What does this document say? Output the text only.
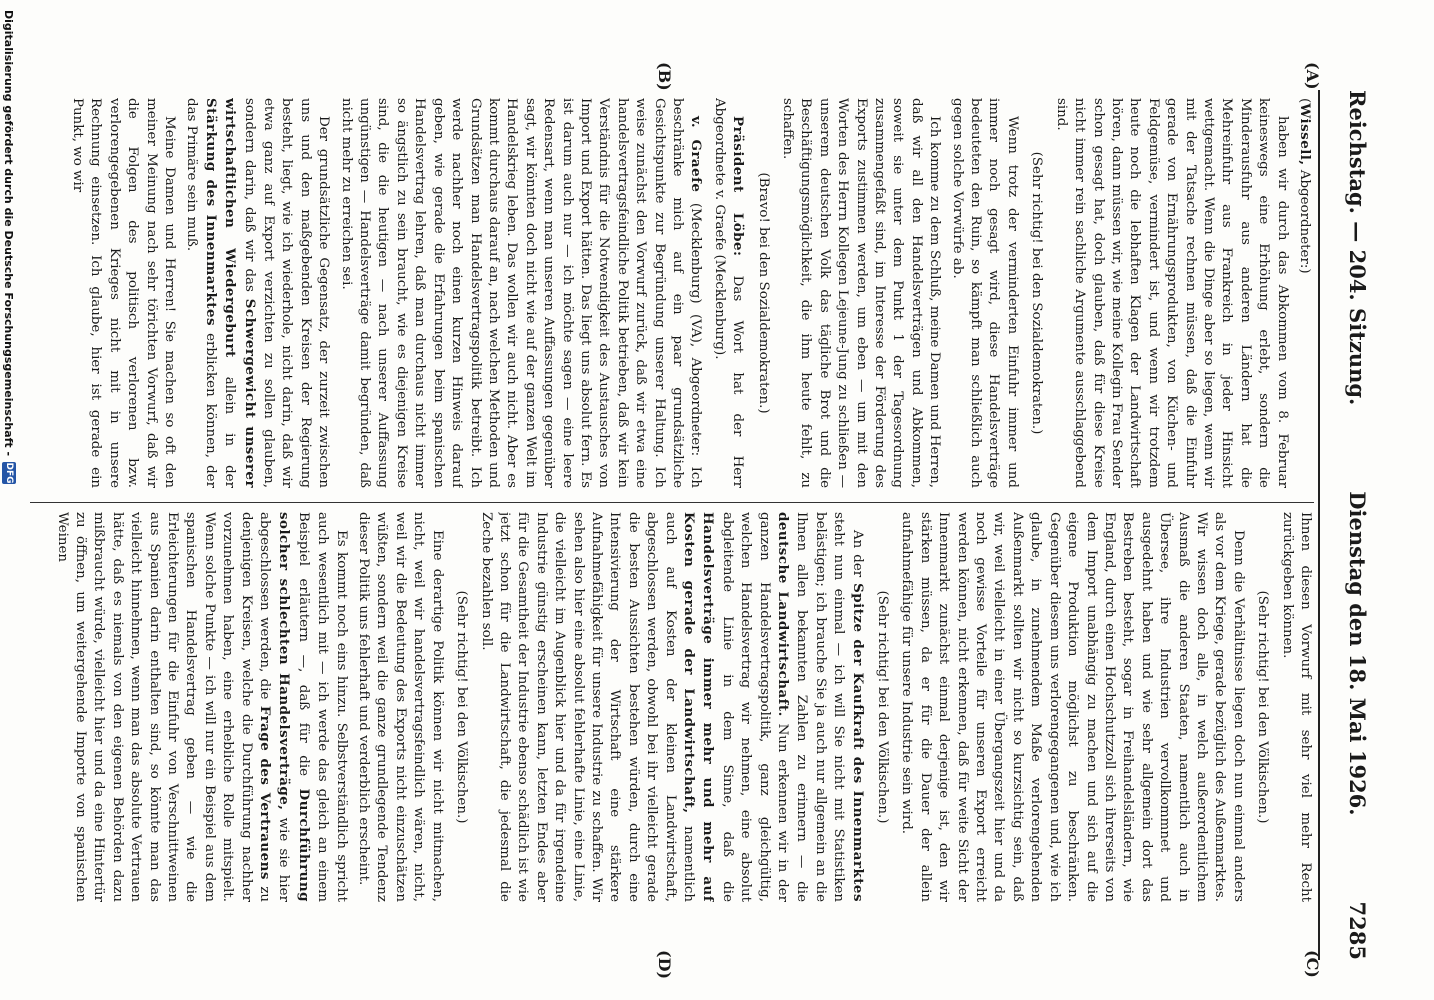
Reichstag. — 204. Sitzung.
Dienstag den 18. Mai 1926.
7285
(A)
(B)
(C)
(D)

(Wissell, Abgeordneter:)

haben wir durch das Abkommen vom 8. Februar keineswegs eine Erhöhung erlebt, sondern die Minderausfuhr aus anderen Ländern hat die Mehreinfuhr aus Frankreich in jeder Hinsicht wettgemacht. Wenn die Dinge aber so liegen, wenn wir mit der Tatsache rechnen müssen, daß die Einfuhr gerade von Ernährungsprodukten, von Küchen- und Feldgemüse, vermindert ist, und wenn wir trotzdem heute noch die lebhaften Klagen der Landwirtschaft hören, dann müssen wir, wie meine Kollegin Frau Sender schon gesagt hat, doch glauben, daß für diese Kreise nicht immer rein sachliche Argumente ausschlaggebend sind.

(Sehr richtig! bei den Sozialdemokraten.)

Wenn trotz der verminderten Einfuhr immer und immer noch gesagt wird, diese Handelsverträge bedeuteten den Ruin, so kämpft man schließlich auch gegen solche Vorwürfe ab.

Ich komme zu dem Schluß, meine Damen und Herren, daß wir all den Handelsverträgen und Abkommen, soweit sie unter dem Punkt 1 der Tagesordnung zusammengefaßt sind, im Interesse der Förderung des Exports zustimmen werden, um eben — um mit den Worten des Herrn Kollegen Lejeune-Jung zu schließen — unserem deutschen Volk das tägliche Brot und die Beschäftigungsmöglichkeit, die ihm heute fehlt, zu schaffen.

(Bravo! bei den Sozialdemokraten.)

Präsident Löbe: Das Wort hat der Herr Abgeordnete v. Graefe (Mecklenburg).

v. Graefe (Mecklenburg) (VA), Abgeordneter: Ich beschränke mich auf ein paar grundsätzliche Gesichtspunkte zur Begründung unserer Haltung. Ich weise zunächst den Vorwurf zurück, daß wir etwa eine handelsvertragsfeindliche Politik betrieben, daß wir kein Verständnis für die Notwendigkeit des Austausches von Import und Export hätten. Das liegt uns absolut fern. Es ist darum auch nur — ich möchte sagen — eine leere Redensart, wenn man unseren Auffassungen gegenüber sagt, wir könnten doch nicht wie auf der ganzen Welt im Handelskrieg leben. Das wollen wir auch nicht. Aber es kommt durchaus darauf an, nach welchen Methoden und Grundsätzen man Handelsvertragspolitik betreibt. Ich werde nachher noch einen kurzen Hinweis darauf geben, wie gerade die Erfahrungen beim spanischen Handelsvertrag lehren, daß man durchaus nicht immer so ängstlich zu sein braucht, wie es diejenigen Kreise sind, die die heutigen — nach unserer Auffassung ungünstigen — Handelsverträge damit begründen, daß nicht mehr zu erreichen sei.

Der grundsätzliche Gegensatz, der zurzeit zwischen uns und den maßgebenden Kreisen der Regierung besteht, liegt, wie ich wiederhole, nicht darin, daß wir etwa ganz auf Export verzichten zu sollen glauben, sondern darin, daß wir das Schwergewicht unserer wirtschaftlichen Wiedergeburt allein in der Stärkung des Innenmarktes erblicken können, der das Primäre sein muß.

Meine Damen und Herren! Sie machen so oft den meiner Meinung nach sehr törichten Vorwurf, daß wir die Folgen des politisch verlorenen bzw. verlorengegebenen Krieges nicht mit in unsere Rechnung einsetzen. Ich glaube, hier ist gerade ein Punkt, wo wir

Ihnen diesen Vorwurf mit sehr viel mehr Recht zurückgeben können.

(Sehr richtig! bei den Völkischen.)

Denn die Verhältnisse liegen doch nun einmal anders als vor dem Kriege, gerade bezüglich des Außenmarktes. Wir wissen doch alle, in welch außerordentlichem Ausmaß die anderen Staaten, namentlich auch in Übersee, ihre Industrien vervollkommnet und ausgedehnt haben und wie sehr allgemein dort das Bestreben besteht, sogar in Freihandelsländern, wie England, durch einen Hochschutzzoll sich ihrerseits von dem Import unabhängig zu machen und sich auf die eigene Produktion möglichst zu beschränken. Gegenüber diesem uns verlorengegangenen und, wie ich glaube, in zunehmendem Maße verlorengehenden Außenmarkt sollten wir nicht so kurzsichtig sein, daß wir, weil vielleicht in einer Übergangszeit hier und da noch gewisse Vorteile für unseren Export erreicht werden können, nicht erkennen, daß für weite Sicht der Innenmarkt zunächst einmal derjenige ist, den wir stärken müssen, da er für die Dauer der allein aufnahmefähige für unsere Industrie sein wird.

(Sehr richtig! bei den Völkischen.)

An der Spitze der Kaufkraft des Innenmarktes steht nun einmal — ich will Sie nicht mit Statistiken belästigen; ich brauche Sie ja auch nur allgemein an die Ihnen allen bekannten Zahlen zu erinnern — die deutsche Landwirtschaft. Nun erkennen wir in der ganzen Handelsvertragspolitik, ganz gleichgültig, welchen Handelsvertrag wir nehmen, eine absolut abgleitende Linie in dem Sinne, daß die Handelsverträge immer mehr und mehr auf Kosten gerade der Landwirtschaft, namentlich auch auf Kosten der kleinen Landwirtschaft, abgeschlossen werden, obwohl bei ihr vielleicht gerade die besten Aussichten bestehen würden, durch eine Intensivierung der Wirtschaft eine stärkere Aufnahmefähigkeit für unsere Industrie zu schaffen. Wir sehen also hier eine absolut fehlerhafte Linie, eine Linie, die vielleicht im Augenblick hier und da für irgendeine Industrie günstig erscheinen kann, letzten Endes aber für die Gesamtheit der Industrie ebenso schädlich ist wie jetzt schon für die Landwirtschaft, die jedesmal die Zeche bezahlen soll.

(Sehr richtig! bei den Völkischen.)

Eine derartige Politik können wir nicht mitmachen, nicht, weil wir handelsvertragsfeindlich wären, nicht, weil wir die Bedeutung des Exports nicht einzuschätzen wüßten, sondern weil die ganze grundlegende Tendenz dieser Politik uns fehlerhaft und verderblich erscheint.

Es kommt noch eins hinzu. Selbstverständlich spricht auch wesentlich mit — ich werde das gleich an einem Beispiel erläutern —, daß für die Durchführung solcher schlechten Handelsverträge, wie sie hier abgeschlossen werden, die Frage des Vertrauens zu denjenigen Kreisen, welche die Durchführung nachher vorzunehmen haben, eine erhebliche Rolle mitspielt. Wenn solche Punkte — ich will nur ein Beispiel aus dem spanischen Handelsvertrag geben — wie die Erleichterungen für die Einfuhr von Verschnittweinen aus Spanien darin enthalten sind, so könnte man das vielleicht hinnehmen, wenn man das absolute Vertrauen hätte, daß es niemals von den eigenen Behörden dazu mißbraucht würde, vielleicht hier und da eine Hintertür zu öffnen, um weitergehende Importe von spanischen Weinen

Digitalisierung gefördert durch die Deutsche Forschungsgemeinschaft -
DFG
